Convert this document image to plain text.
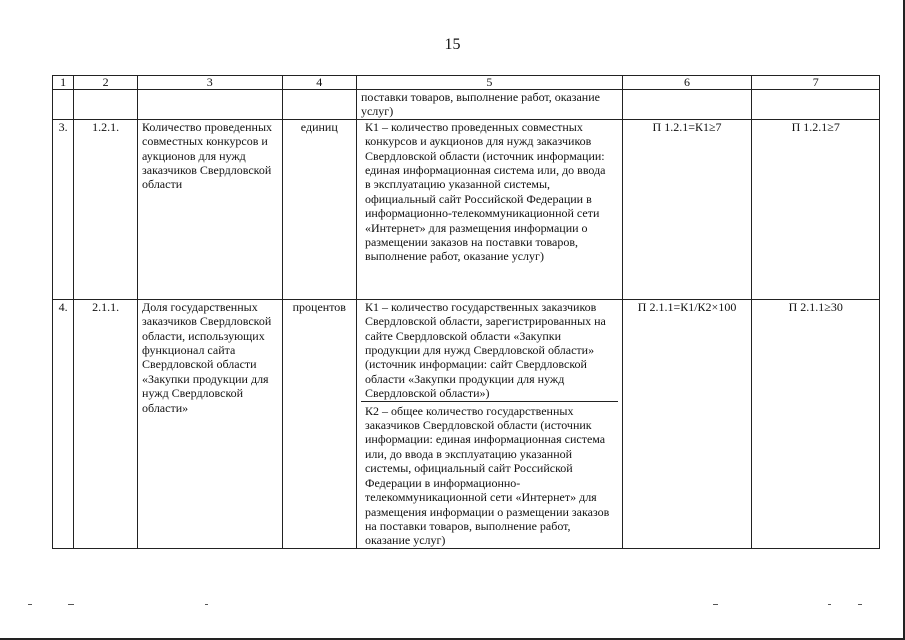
15
1	2	3	4	5	6	7
				поставки товаров, выполнение работ, оказание услуг)		
3.	1.2.1.	Количество проведенных совместных конкурсов и аукционов для нужд заказчиков Свердловской области	единиц	К1 – количество проведенных совместных конкурсов и аукционов для нужд заказчиков Свердловской области (источник информации: единая информационная система или, до ввода в эксплуатацию указанной системы, официальный сайт Российской Федерации в информационно-телекоммуникационной сети «Интернет» для размещения информации о размещении заказов на поставки товаров, выполнение работ, оказание услуг)	П 1.2.1=К1≥7	П 1.2.1≥7
4.	2.1.1.	Доля государственных заказчиков Свердловской области, использующих функционал сайта Свердловской области «Закупки продукции для нужд Свердловской области»	процентов	К1 – количество государственных заказчиков Свердловской области, зарегистрированных на сайте Свердловской области «Закупки продукции для нужд Свердловской области» (источник информации: сайт Свердловской области «Закупки продукции для нужд Свердловской области»)
К2 – общее количество государственных заказчиков Свердловской области (источник информации: единая информационная система или, до ввода в эксплуатацию указанной системы, официальный сайт Российской Федерации в информационно-телекоммуникационной сети «Интернет» для размещения информации о размещении заказов на поставки товаров, выполнение работ, оказание услуг)	П 2.1.1=К1/К2×100	П 2.1.1≥30
